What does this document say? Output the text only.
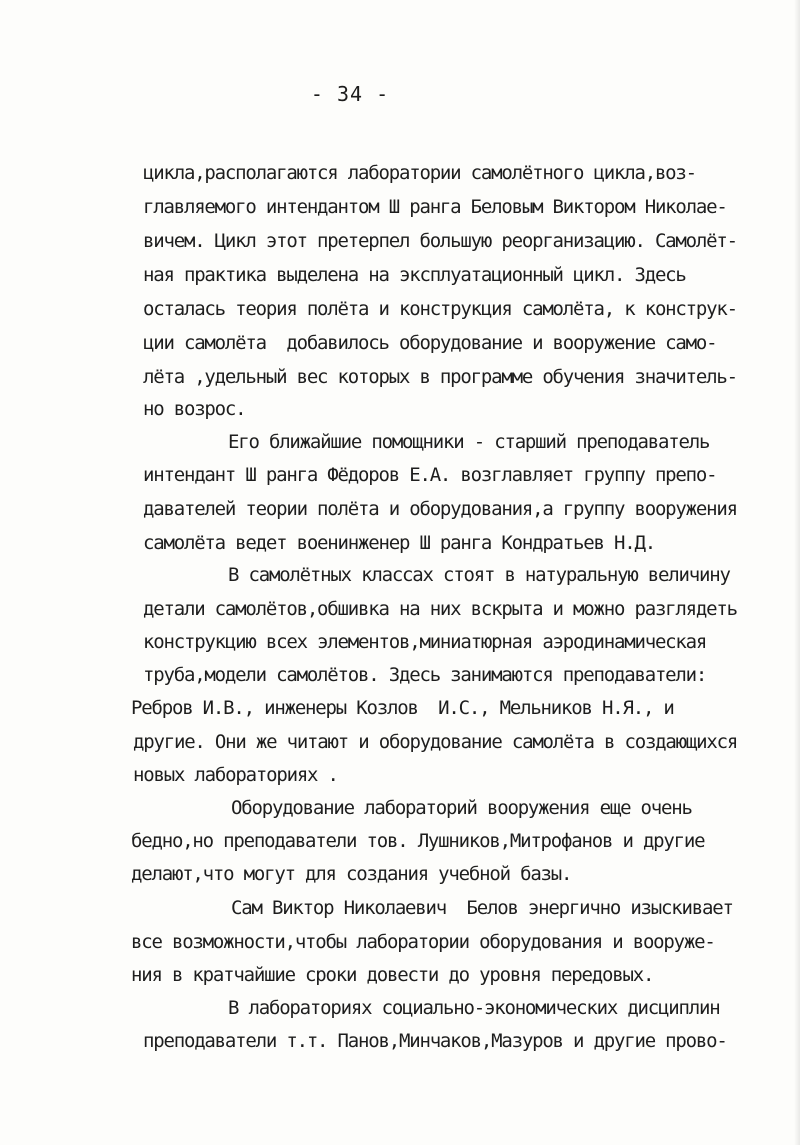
- 34 -
цикла,располагаются лаборатории самолётного цикла,воз-
главляемого интендантом Ш ранга Беловым Виктором Николае-
вичем. Цикл этот претерпел большую реорганизацию. Самолёт-
ная практика выделена на эксплуатационный цикл. Здесь
осталась теория полёта и конструкция самолёта, к конструк-
ции самолёта  добавилось оборудование и вооружение само-
лёта ,удельный вес которых в программе обучения значитель-
но возрос.
Его ближайшие помощники - старший преподаватель
интендант Ш ранга Фёдоров Е.А. возглавляет группу препо-
давателей теории полёта и оборудования,а группу вооружения
самолёта ведет военинженер Ш ранга Кондратьев Н.Д.
В самолётных классах стоят в натуральную величину
детали самолётов,обшивка на них вскрыта и можно разглядеть
конструкцию всех элементов,миниатюрная аэродинамическая
труба,модели самолётов. Здесь занимаются преподаватели:
Ребров И.В., инженеры Козлов  И.С., Мельников Н.Я., и
другие. Они же читают и оборудование самолёта в создающихся
новых лабораториях .
Оборудование лабораторий вооружения еще очень
бедно,но преподаватели тов. Лушников,Митрофанов и другие
делают,что могут для создания учебной базы.
Сам Виктор Николаевич  Белов энергично изыскивает
все возможности,чтобы лаборатории оборудования и вооруже-
ния в кратчайшие сроки довести до уровня передовых.
В лабораториях социально-экономических дисциплин
преподаватели т.т. Панов,Минчаков,Мазуров и другие прово-
